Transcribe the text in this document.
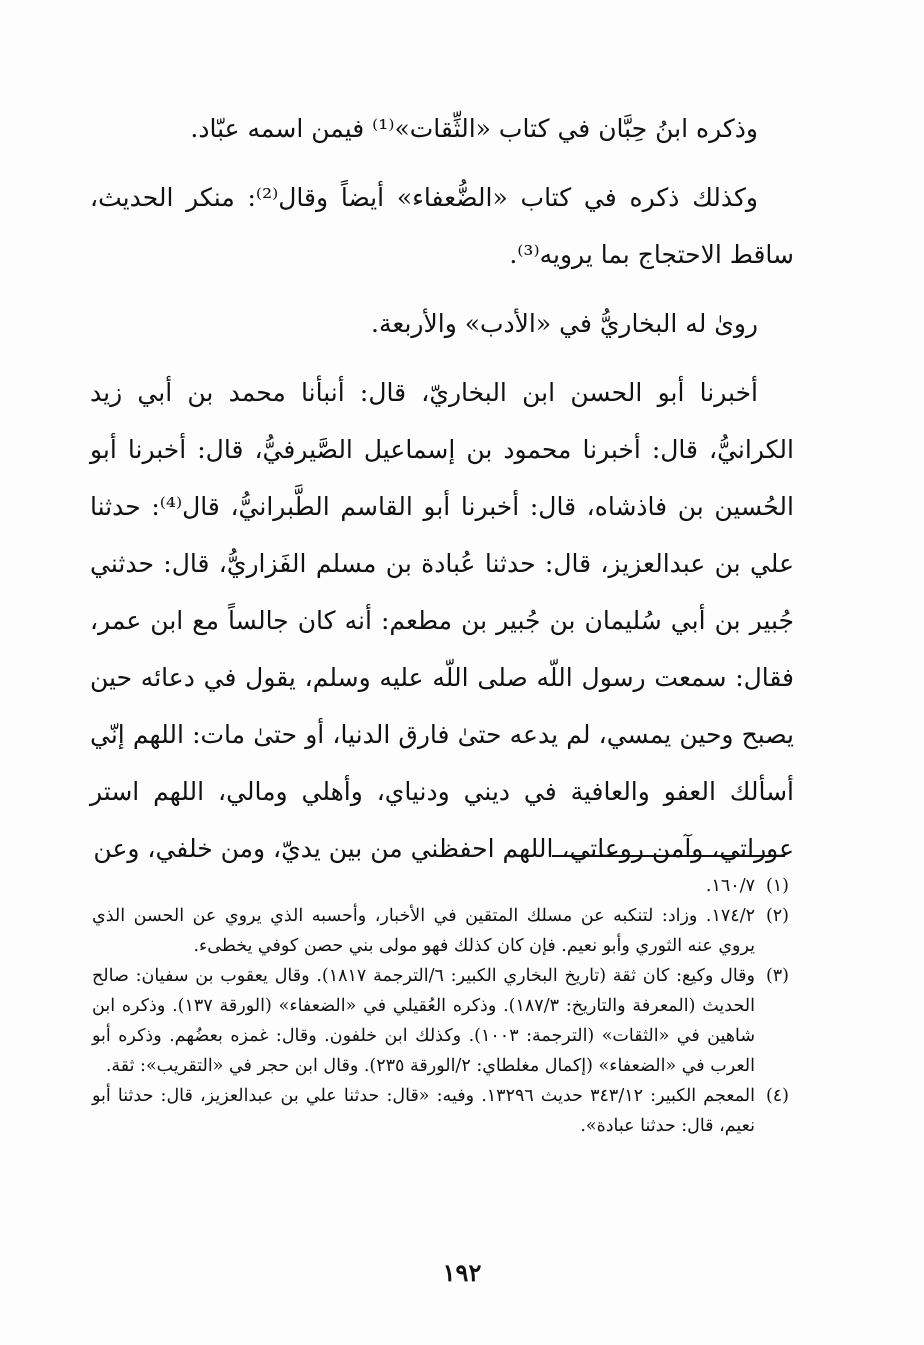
وذكره ابنُ حِبَّان في كتاب «الثِّقات»⁽¹⁾ فيمن اسمه عبّاد.

وكذلك ذكره في كتاب «الضُّعفاء» أيضاً وقال⁽²⁾: منكر الحديث، ساقط الاحتجاج بما يرويه⁽³⁾.

روىٰ له البخاريُّ في «الأدب» والأربعة.

أخبرنا أبو الحسن ابن البخاريّ، قال: أنبأنا محمد بن أبي زيد الكرانيُّ، قال: أخبرنا محمود بن إسماعيل الصَّيرفيُّ، قال: أخبرنا أبو الحُسين بن فاذشاه، قال: أخبرنا أبو القاسم الطَّبرانيُّ، قال⁽⁴⁾: حدثنا علي بن عبدالعزيز، قال: حدثنا عُبادة بن مسلم الفَزاريُّ، قال: حدثني جُبير بن أبي سُليمان بن جُبير بن مطعم: أنه كان جالساً مع ابن عمر، فقال: سمعت رسول اللّه صلى اللّه عليه وسلم، يقول في دعائه حين يصبح وحين يمسي، لم يدعه حتىٰ فارق الدنيا، أو حتىٰ مات: اللهم إنّي أسألك العفو والعافية في ديني ودنياي، وأهلي ومالي، اللهم استر عوراتي، وآمن روعاتي، اللهم احفظني من بين يديّ، ومن خلفي، وعن

(١)
١٦٠/٧.
(٢)
١٧٤/٢. وزاد: لتنكبه عن مسلك المتقين في الأخبار، وأحسبه الذي يروي عن الحسن الذي يروي عنه الثوري وأبو نعيم. فإن كان كذلك فهو مولى بني حصن كوفي يخطىء.
(٣)
وقال وكيع: كان ثقة (تاريخ البخاري الكبير: ٦/الترجمة ١٨١٧). وقال يعقوب بن سفيان: صالح الحديث (المعرفة والتاريخ: ١٨٧/٣). وذكره العُقيلي في «الضعفاء» (الورقة ١٣٧). وذكره ابن شاهين في «الثقات» (الترجمة: ١٠٠٣). وكذلك ابن خلفون. وقال: غمزه بعضُهم. وذكره أبو العرب في «الضعفاء» (إكمال مغلطاي: ٢/الورقة ٢٣٥). وقال ابن حجر في «التقريب»: ثقة.
(٤)
المعجم الكبير: ٣٤٣/١٢ حديث ١٣٢٩٦. وفيه: «قال: حدثنا علي بن عبدالعزيز، قال: حدثنا أبو نعيم، قال: حدثنا عبادة».
١٩٢
